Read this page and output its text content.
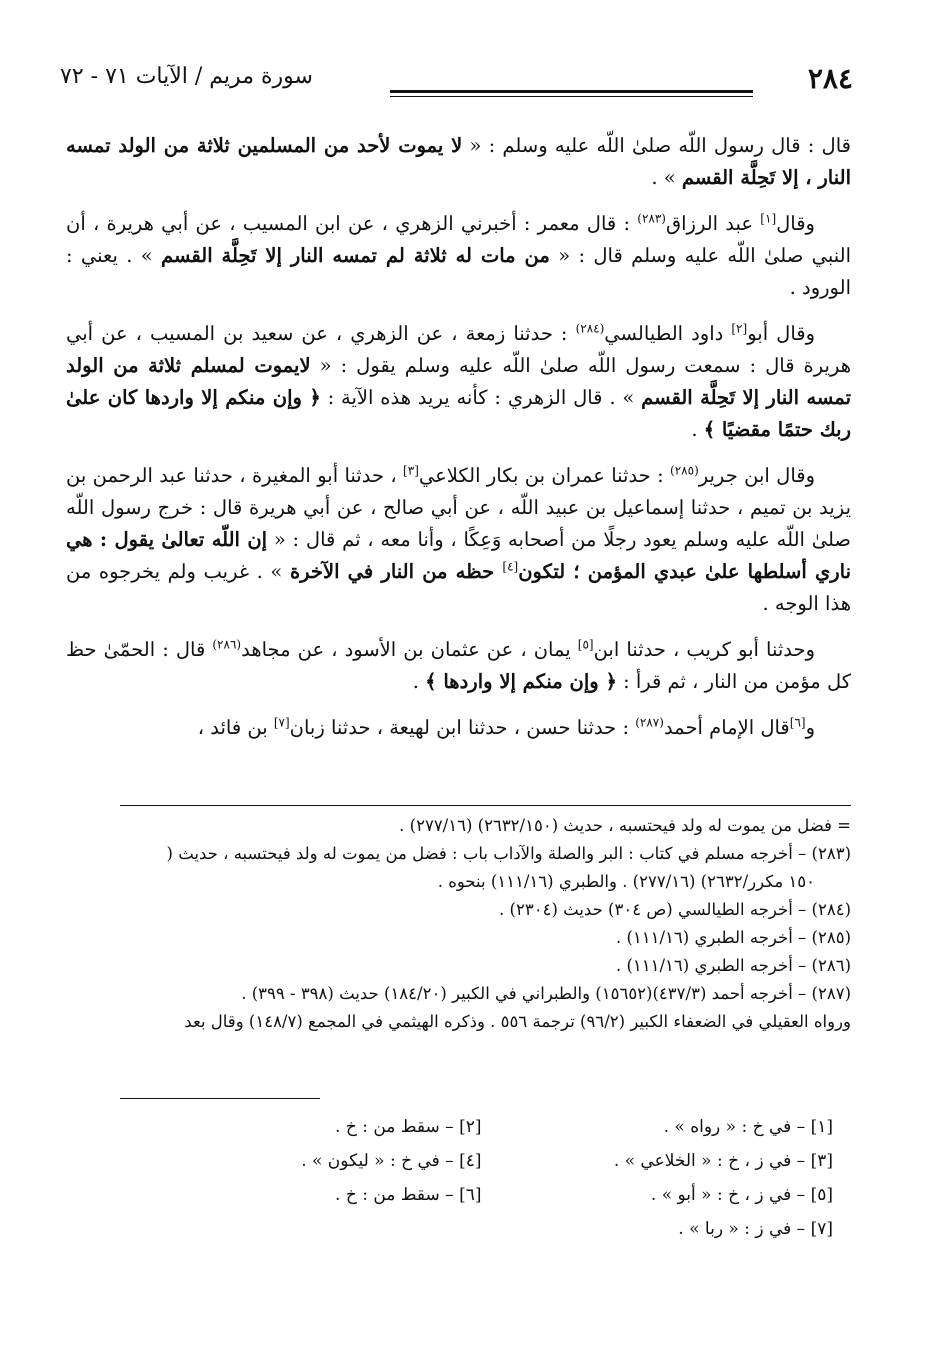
٢٨٤
سورة مريم / الآيات ٧١ - ٧٢

قال : قال رسول اللّه صلىٰ اللّه عليه وسلم : « لا يموت لأحد من المسلمين ثلاثة من الولد تمسه النار ، إلا تَحِلَّة القسم » .

وقال[١] عبد الرزاق$^{(٢٨٣)}$ : قال معمر : أخبرني الزهري ، عن ابن المسيب ، عن أبي هريرة ، أن النبي صلىٰ اللّه عليه وسلم قال : « من مات له ثلاثة لم تمسه النار إلا تَحِلَّة القسم » . يعني : الورود .

وقال أبو[٢] داود الطيالسي$^{(٢٨٤)}$ : حدثنا زمعة ، عن الزهري ، عن سعيد بن المسيب ، عن أبي هريرة قال : سمعت رسول اللّه صلىٰ اللّه عليه وسلم يقول : « لايموت لمسلم ثلاثة من الولد تمسه النار إلا تَحِلَّة القسم » . قال الزهري : كأنه يريد هذه الآية : ﴿ وإن منكم إلا واردها كان علىٰ ربك حتمًا مقضيًا ﴾ .

وقال ابن جرير$^{(٢٨٥)}$ : حدثنا عمران بن بكار الكلاعي[٣] ، حدثنا أبو المغيرة ، حدثنا عبد الرحمن بن يزيد بن تميم ، حدثنا إسماعيل بن عبيد اللّه ، عن أبي صالح ، عن أبي هريرة قال : خرج رسول اللّه صلىٰ اللّه عليه وسلم يعود رجلًا من أصحابه وَعِكًا ، وأنا معه ، ثم قال : « إن اللّه تعالىٰ يقول : هي ناري أسلطها علىٰ عبدي المؤمن ؛ لتكون[٤] حظه من النار في الآخرة » . غريب ولم يخرجوه من هذا الوجه .

وحدثنا أبو كريب ، حدثنا ابن[٥] يمان ، عن عثمان بن الأسود ، عن مجاهد$^{(٢٨٦)}$ قال : الحمّىٰ حظ كل مؤمن من النار ، ثم قرأ : ﴿ وإن منكم إلا واردها ﴾ .

و[٦]قال الإمام أحمد$^{(٢٨٧)}$ : حدثنا حسن ، حدثنا ابن لهيعة ، حدثنا زبان[٧] بن فائد ،

= فضل من يموت له ولد فيحتسبه ، حديث (٢٦٣٢/١٥٠) (٢٧٧/١٦) .

(٢٨٣) – أخرجه مسلم في كتاب : البر والصلة والآداب باب : فضل من يموت له ولد فيحتسبه ، حديث (

١٥٠ مكرر/٢٦٣٢) (٢٧٧/١٦) . والطبري (١١١/١٦) بنحوه .

(٢٨٤) – أخرجه الطيالسي (ص ٣٠٤) حديث (٢٣٠٤) .

(٢٨٥) – أخرجه الطبري (١١١/١٦) .

(٢٨٦) – أخرجه الطبري (١١١/١٦) .

(٢٨٧) – أخرجه أحمد (٤٣٧/٣)(١٥٦٥٢) والطبراني في الكبير (١٨٤/٢٠) حديث (٣٩٨ - ٣٩٩) .

ورواه العقيلي في الضعفاء الكبير (٩٦/٢) ترجمة ٥٥٦ . وذكره الهيثمي في المجمع (١٤٨/٧) وقال بعد

[١] – في خ : « رواه » .
[٢] – سقط من : خ .
[٣] – في ز ، خ : « الخلاعي » .
[٤] – في خ : « ليكون » .
[٥] – في ز ، خ : « أبو » .
[٦] – سقط من : خ .
[٧] – في ز : « ربا » .
